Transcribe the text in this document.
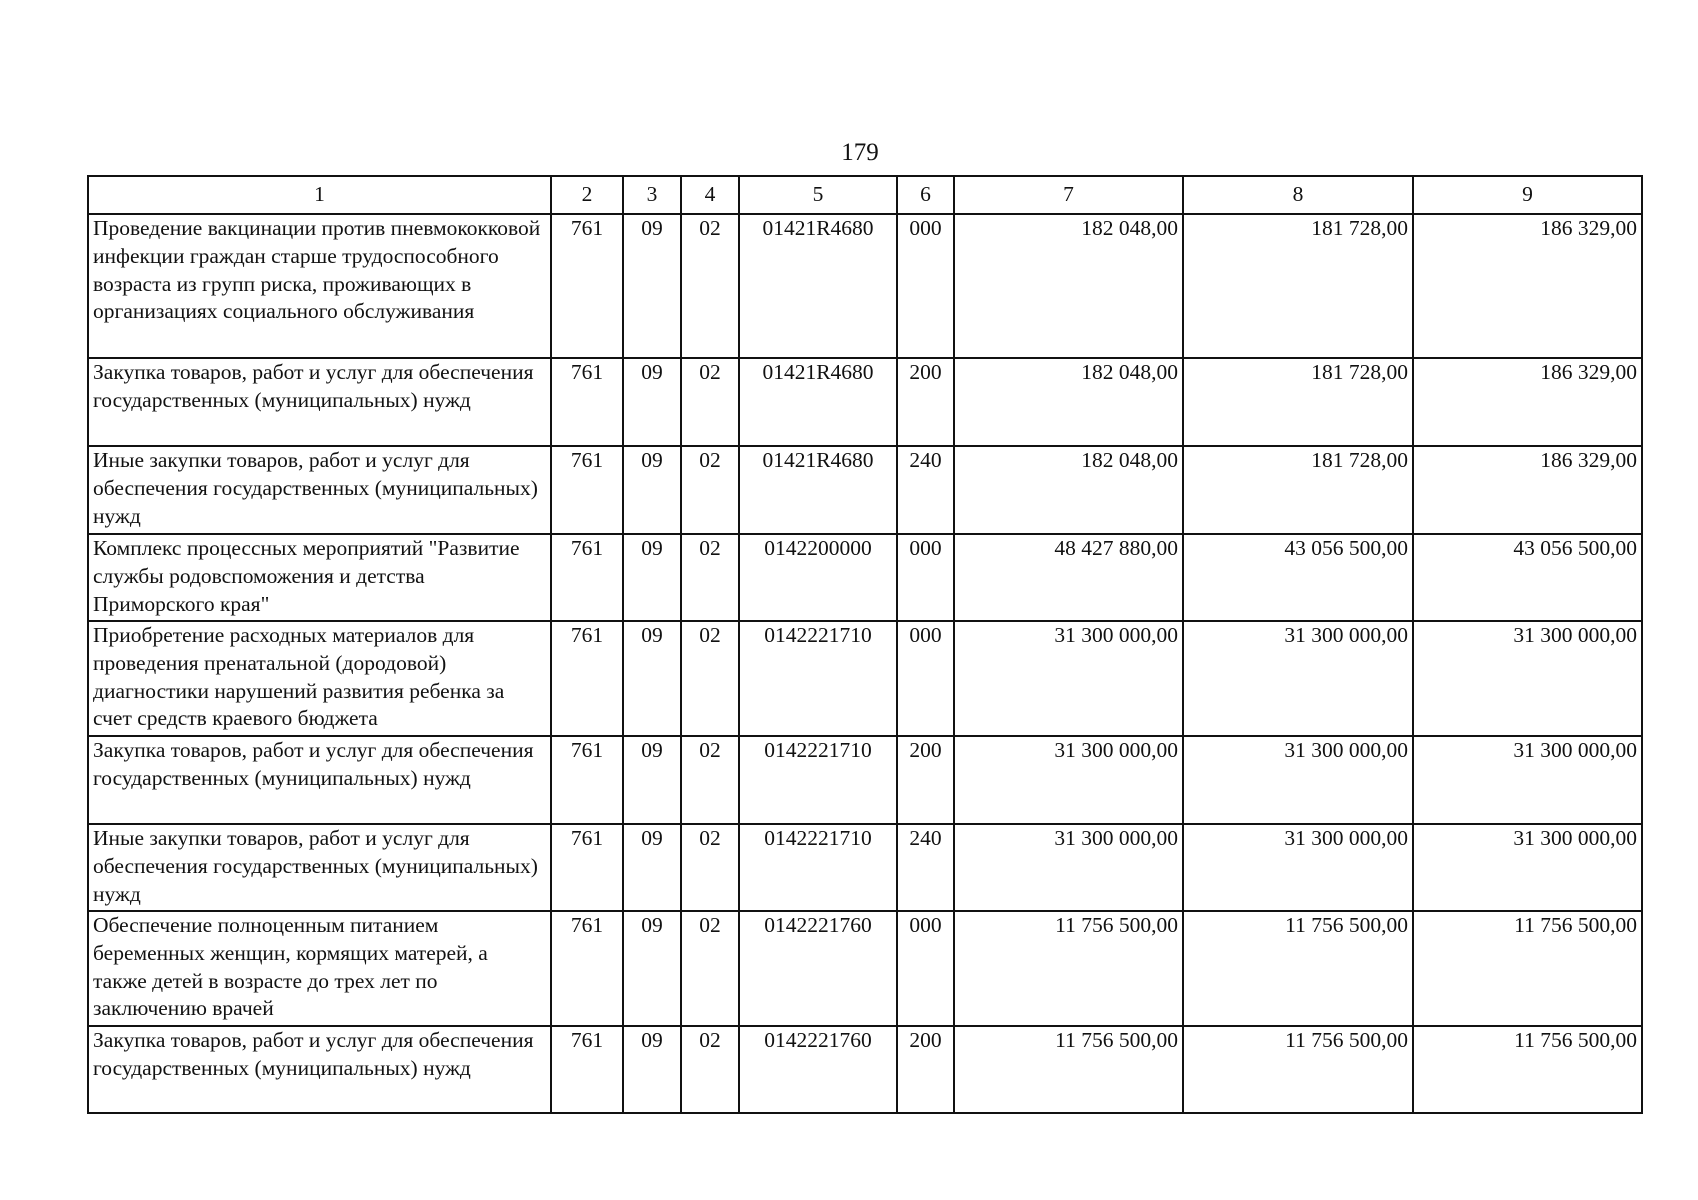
179
1	2	3	4	5	6	7	8	9
Проведение вакцинации против пневмококковой инфекции граждан старше трудоспособного возраста из групп риска, проживающих в организациях социального обслуживания	761	09	02	01421R4680	000	182 048,00	181 728,00	186 329,00
Закупка товаров, работ и услуг для обеспечения государственных (муниципальных) нужд	761	09	02	01421R4680	200	182 048,00	181 728,00	186 329,00
Иные закупки товаров, работ и услуг для обеспечения государственных (муниципальных) нужд	761	09	02	01421R4680	240	182 048,00	181 728,00	186 329,00
Комплекс процессных мероприятий "Развитие службы родовспоможения и детства Приморского края"	761	09	02	0142200000	000	48 427 880,00	43 056 500,00	43 056 500,00
Приобретение расходных материалов для проведения пренатальной (дородовой) диагностики нарушений развития ребенка за счет средств краевого бюджета	761	09	02	0142221710	000	31 300 000,00	31 300 000,00	31 300 000,00
Закупка товаров, работ и услуг для обеспечения государственных (муниципальных) нужд	761	09	02	0142221710	200	31 300 000,00	31 300 000,00	31 300 000,00
Иные закупки товаров, работ и услуг для обеспечения государственных (муниципальных) нужд	761	09	02	0142221710	240	31 300 000,00	31 300 000,00	31 300 000,00
Обеспечение полноценным питанием беременных женщин, кормящих матерей, а также детей в возрасте до трех лет по заключению врачей	761	09	02	0142221760	000	11 756 500,00	11 756 500,00	11 756 500,00
Закупка товаров, работ и услуг для обеспечения государственных (муниципальных) нужд	761	09	02	0142221760	200	11 756 500,00	11 756 500,00	11 756 500,00
